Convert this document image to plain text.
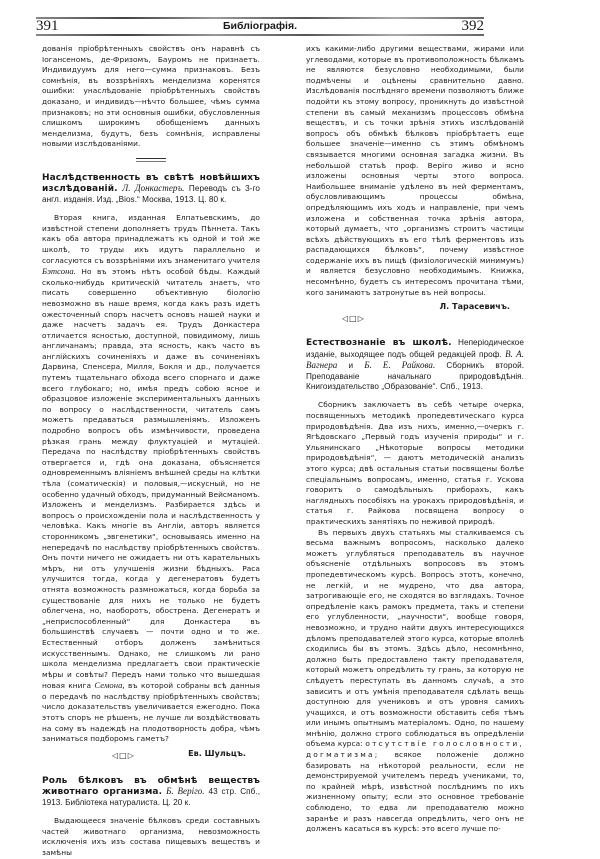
391	Библіографія.	392

дованія пріобрѣтенныхъ свойствъ онъ наравнѣ съ Іогансеномъ, де-Фризомъ, Бауромъ не признаетъ. Индивидуумъ для него—сумма признаковъ. Безъ сомнѣнія, въ воззрѣніяхъ менделизма коренятся ошибки: унаслѣдованіе пріобрѣтенныхъ свойствъ доказано, и индивидъ—нѣчто большее, чѣмъ сумма признаковъ; но эти основныя ошибки, обусловленныя слишкомъ широкимъ обобщеніемъ данныхъ менделизма, будутъ, безъ сомнѣнія, исправлены новыми изслѣдованіями.

Наслѣдственность въ свѣтѣ новѣйшихъ изслѣдованій. Л. Донкастеръ. Переводъ съ 3-го англ. изданія. Изд. „Bios.“ Москва, 1913. Ц. 80 к.

Вторая книга, изданная Елпатьевскимъ, до извѣстной степени дополняетъ трудъ Пѣннета. Такъ какъ оба автора принадлежатъ къ одной и той же школѣ, то труды ихъ идутъ параллельно и согласуются съ воззрѣніями ихъ знаменитаго учителя Бэтсона. Но въ этомъ нѣтъ особой бѣды. Каждый сколько-нибудь критическій читатель знаетъ, что писать совершенно объективную біологію невозможно въ наше время, когда какъ разъ идетъ ожесточенный споръ насчетъ основъ нашей науки и даже насчетъ задачъ ея. Трудъ Донкастера отличается ясностью, доступной, повидимому, лишь англичанамъ; правда, эта ясность, какъ часто въ англійскихъ сочиненіяхъ и даже въ сочиненіяхъ Дарвина, Спенсера, Милля, Бокля и др., получается путемъ тщательнаго обхода всего спорнаго и даже всего глубокаго; но, имѣя предъ собою ясное и образцовое изложеніе экспериментальныхъ данныхъ по вопросу о наслѣдственности, читатель самъ можетъ предаваться размышленіямъ. Изложенъ подробно вопросъ объ измѣнчивости, проведена рѣзкая грань между флуктуаціей и мутаціей. Передача по наслѣдству пріобрѣтенныхъ свойствъ отвергается и, гдѣ она доказана, объясняется одновременнымъ вліяніемъ внѣшней среды на клѣтки тѣла (соматическія) и половыя,—искусный, но не особенно удачный обходъ, придуманный Вейсманомъ. Изложенъ и менделизмъ. Разбирается здѣсь и вопросъ о происхожденіи пола и наслѣдственность у человѣка. Какъ многіе въ Англіи, авторъ является сторонникомъ „эвгенетики“, основываясь именно на непередачѣ по наслѣдству пріобрѣтенныхъ свойствъ. Онъ почти ничего не ожидаетъ ни отъ карательныхъ мѣръ, ни отъ улучшенія жизни бѣдныхъ. Раса улучшится тогда, когда у дегенератовъ будетъ отнята возможность размножаться, когда борьба за существованіе для нихъ не только не будетъ облегчена, но, наоборотъ, обострена. Дегенератъ и „неприспособленный“ для Донкастера въ большинствѣ случаевъ — почти одно и то же. Естественный отборъ долженъ замѣниться искусственнымъ. Однако, не слишкомъ ли рано школа менделизма предлагаетъ свои практическіе мѣры и совѣты? Передъ нами только что вышедшая новая книга Семона, въ которой собраны всѣ данныя о передачѣ по наслѣдству пріобрѣтенныхъ свойствъ; число доказательствъ увеличивается ежегодно. Пока этотъ споръ не рѣшенъ, не лучше ли воздѣйствовать на сому въ надеждѣ на плодотворность добра, чѣмъ заниматься подборомъ гаметъ?

Ев. Шульцъ.
◁□▷
Роль бѣлковъ въ обмѣнѣ веществъ животнаго организма. Б. Веріго. 43 стр. Спб., 1913. Библіотека натуралиста. Ц. 20 к.

Выдающееся значеніе бѣлковъ среди составныхъ частей животнаго организма, невозможность исключенія ихъ изъ состава пищевыхъ веществъ и замѣны

ихъ какими-либо другими веществами, жирами или углеводами, которые въ противоположность бѣлкамъ не являются безусловно необходимыми, были подмѣчены и оцѣнены сравнительно давно. Изслѣдованія послѣдняго времени позволяютъ ближе подойти къ этому вопросу, проникнуть до извѣстной степени въ самый механизмъ процессовъ обмѣна веществъ, и съ точки зрѣнія этихъ изслѣдованій вопросъ объ обмѣкѣ бѣлковъ пріобрѣтаетъ еще большее значеніе—именно съ этимъ обмѣномъ связывается многими основная загадка жизни. Въ небольшой статьѣ проф. Веріго живо и ясно изложены основныя черты этого вопроса. Наибольшее вниманіе удѣлено въ ней ферментамъ, обусловливающимъ процессы обмѣна, опредѣляющимъ ихъ ходъ и направленіе, при чемъ изложена и собственная точка зрѣнія автора, который думаетъ, что „организмъ строитъ частицы всѣхъ дѣйствующихъ въ его тѣлѣ ферментовъ изъ распадающихся бѣлковъ“, почему извѣстное содержаніе ихъ въ пищѣ (физіологическій минимумъ) и является безусловно необходимымъ. Книжка, несомнѣнно, будетъ съ интересомъ прочитана тѣми, кого занимаютъ затронутые въ ней вопросы.

Л. Тарасевичъ.
◁□▷
Естествознаніе въ школѣ. Непеpіодическое изданіе, выходящее подъ общей редакціей проф. В. А. Вагнера и Б. Е. Райкова. Сборникъ второй. Преподаваніе начальнаго природовѣдѣнія. Книгоиздательство „Образованіе“. Спб., 1913.

Сборникъ заключаетъ въ себѣ четыре очерка, посвященныхъ методикѣ пропедевтическаго курса природовѣдѣнія. Два изъ нихъ, именно,—очеркъ г. Ягѣдовскаго „Первый годъ изученія природы“ и г. Ульянинскаго „Нѣкоторые вопросы методики природовѣдѣнія“, — даютъ методическій анализъ этого курса; двѣ остальныя статьи посвящены болѣе спеціальнымъ вопросамъ, именно, статья г. Ускова говоритъ о самодѣльныхъ приборахъ, какъ наглядныхъ пособіяхъ на урокахъ природовѣдѣнія, и статья г. Райкова посвящена вопросу о практическихъ занятіяхъ по неживой природѣ.

Въ первыхъ двухъ статьяхъ мы сталкиваемся съ весьма важнымъ вопросомъ, насколько далеко можетъ углубляться преподаватель въ научное объясненіе отдѣльныхъ вопросовъ въ этомъ пропедевтическомъ курсѣ. Вопросъ этотъ, конечно, не легкій, и не мудрено, что два автора, затрогивающіе его, не сходятся во взглядахъ. Точное опредѣленіе какъ рамокъ предмета, такъ и степени его углубленности, „научности“, вообще говоря, невозможно, и трудно найти двухъ интересующихся дѣломъ преподавателей этого курса, которые вполнѣ сходились бы въ этомъ. Здѣсь дѣло, несомнѣнно, должно быть предоставлено такту преподавателя, который можетъ опредѣлить ту грань, за которую не слѣдуетъ переступать въ данномъ случаѣ, а это зависитъ и отъ умѣнія преподавателя сдѣлать вещь доступною для учениковъ и отъ уровня самихъ учащихся, и отъ возможности обставить себя тѣмъ или инымъ опытнымъ матеріаломъ. Одно, по нашему мнѣнію, должно строго соблюдаться въ опредѣленіи объема курса: отсутствіе голословности, догматизма; всякое положеніе должно базировать на нѣкоторой реальности, если не демонстрируемой учителемъ передъ учениками, то, по крайней мѣрѣ, извѣстной послѣднимъ по ихъ жизненному опыту; если это основное требованіе соблюдено, то едва ли преподавателю можно заранѣе и разъ навсегда опредѣлить, чего онъ не долженъ касаться въ курсѣ: это всего лучше по-
